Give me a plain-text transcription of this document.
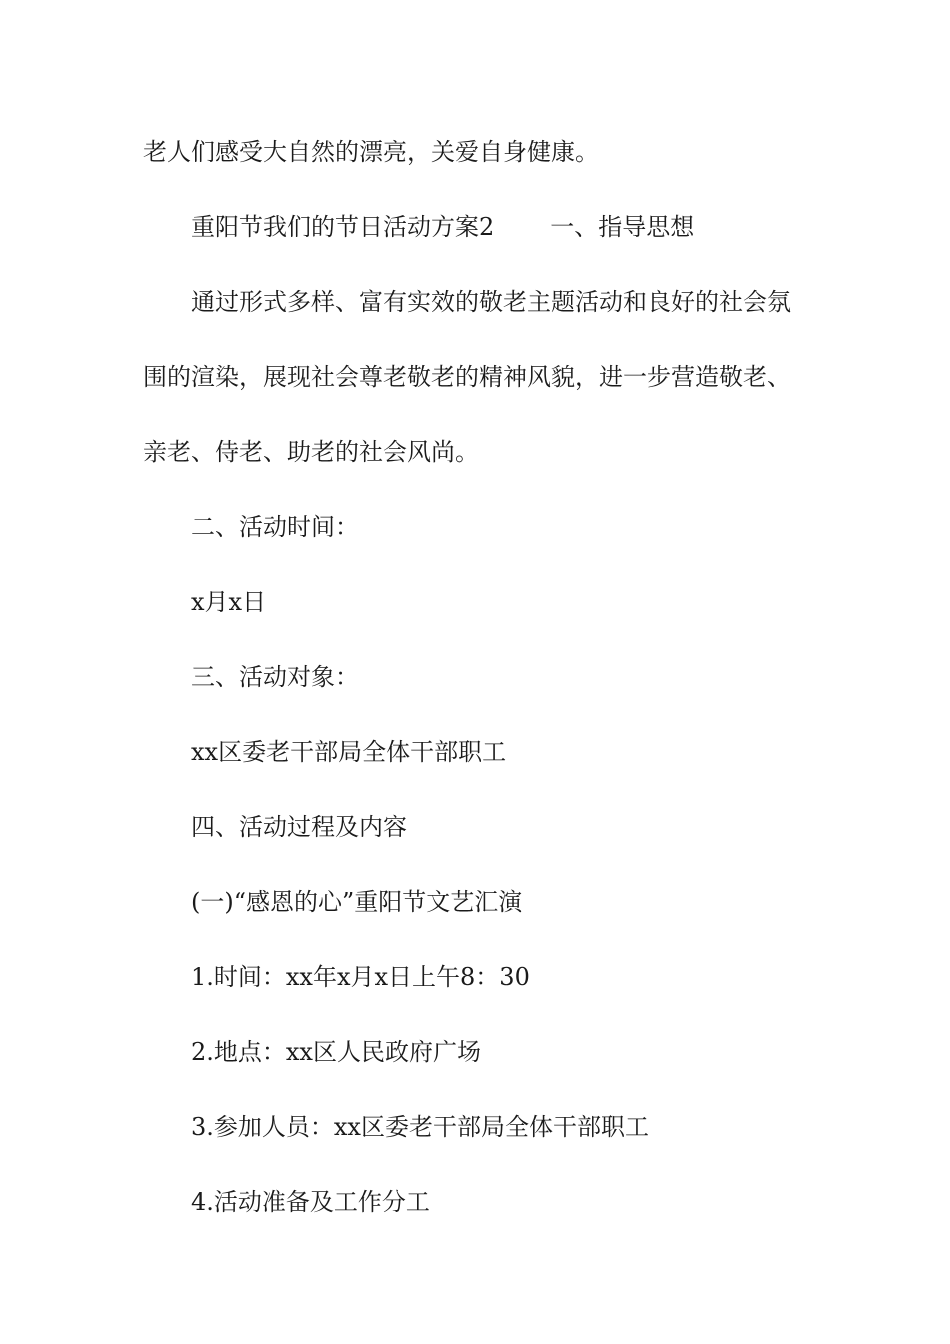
老人们感受大自然的漂亮，关爱自身健康。

重阳节我们的节日活动方案2 一、指导思想

通过形式多样、富有实效的敬老主题活动和良好的社会氛

围的渲染，展现社会尊老敬老的精神风貌，进一步营造敬老、

亲老、侍老、助老的社会风尚。

二、活动时间：

x月x日

三、活动对象：

xx区委老干部局全体干部职工

四、活动过程及内容

(一)“感恩的心”重阳节文艺汇演

1.时间：xx年x月x日上午8：30

2.地点：xx区人民政府广场

3.参加人员：xx区委老干部局全体干部职工

4.活动准备及工作分工
